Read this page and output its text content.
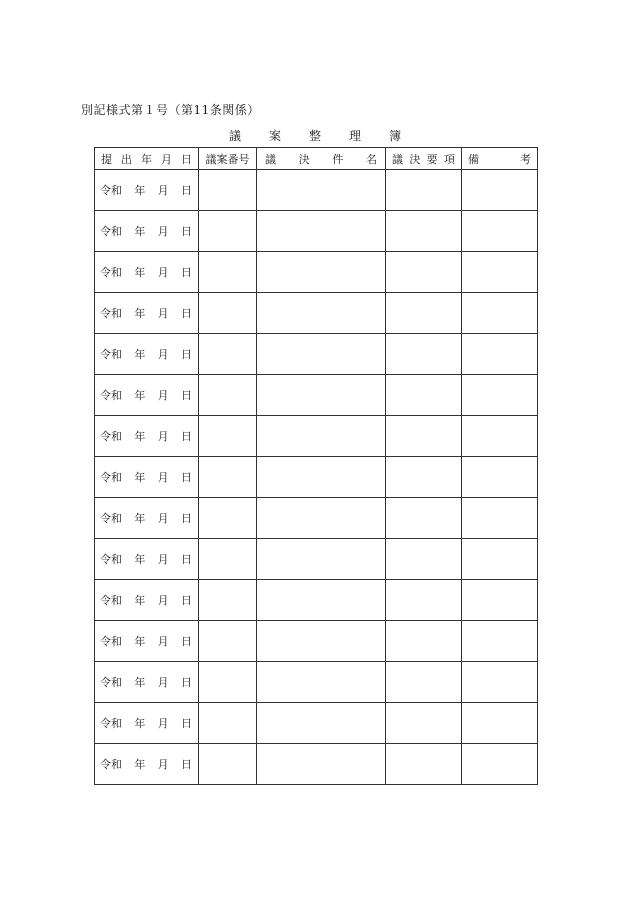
別記様式第１号（第11条関係）
議 案 整 理 簿
提 出 年 月 日	議案番号	議 決 件 名	議 決 要 項	備 考

令和 年 月 日				

令和 年 月 日				

令和 年 月 日				

令和 年 月 日				

令和 年 月 日				

令和 年 月 日				

令和 年 月 日				

令和 年 月 日				

令和 年 月 日				

令和 年 月 日				

令和 年 月 日				

令和 年 月 日				

令和 年 月 日				

令和 年 月 日				

令和 年 月 日				
